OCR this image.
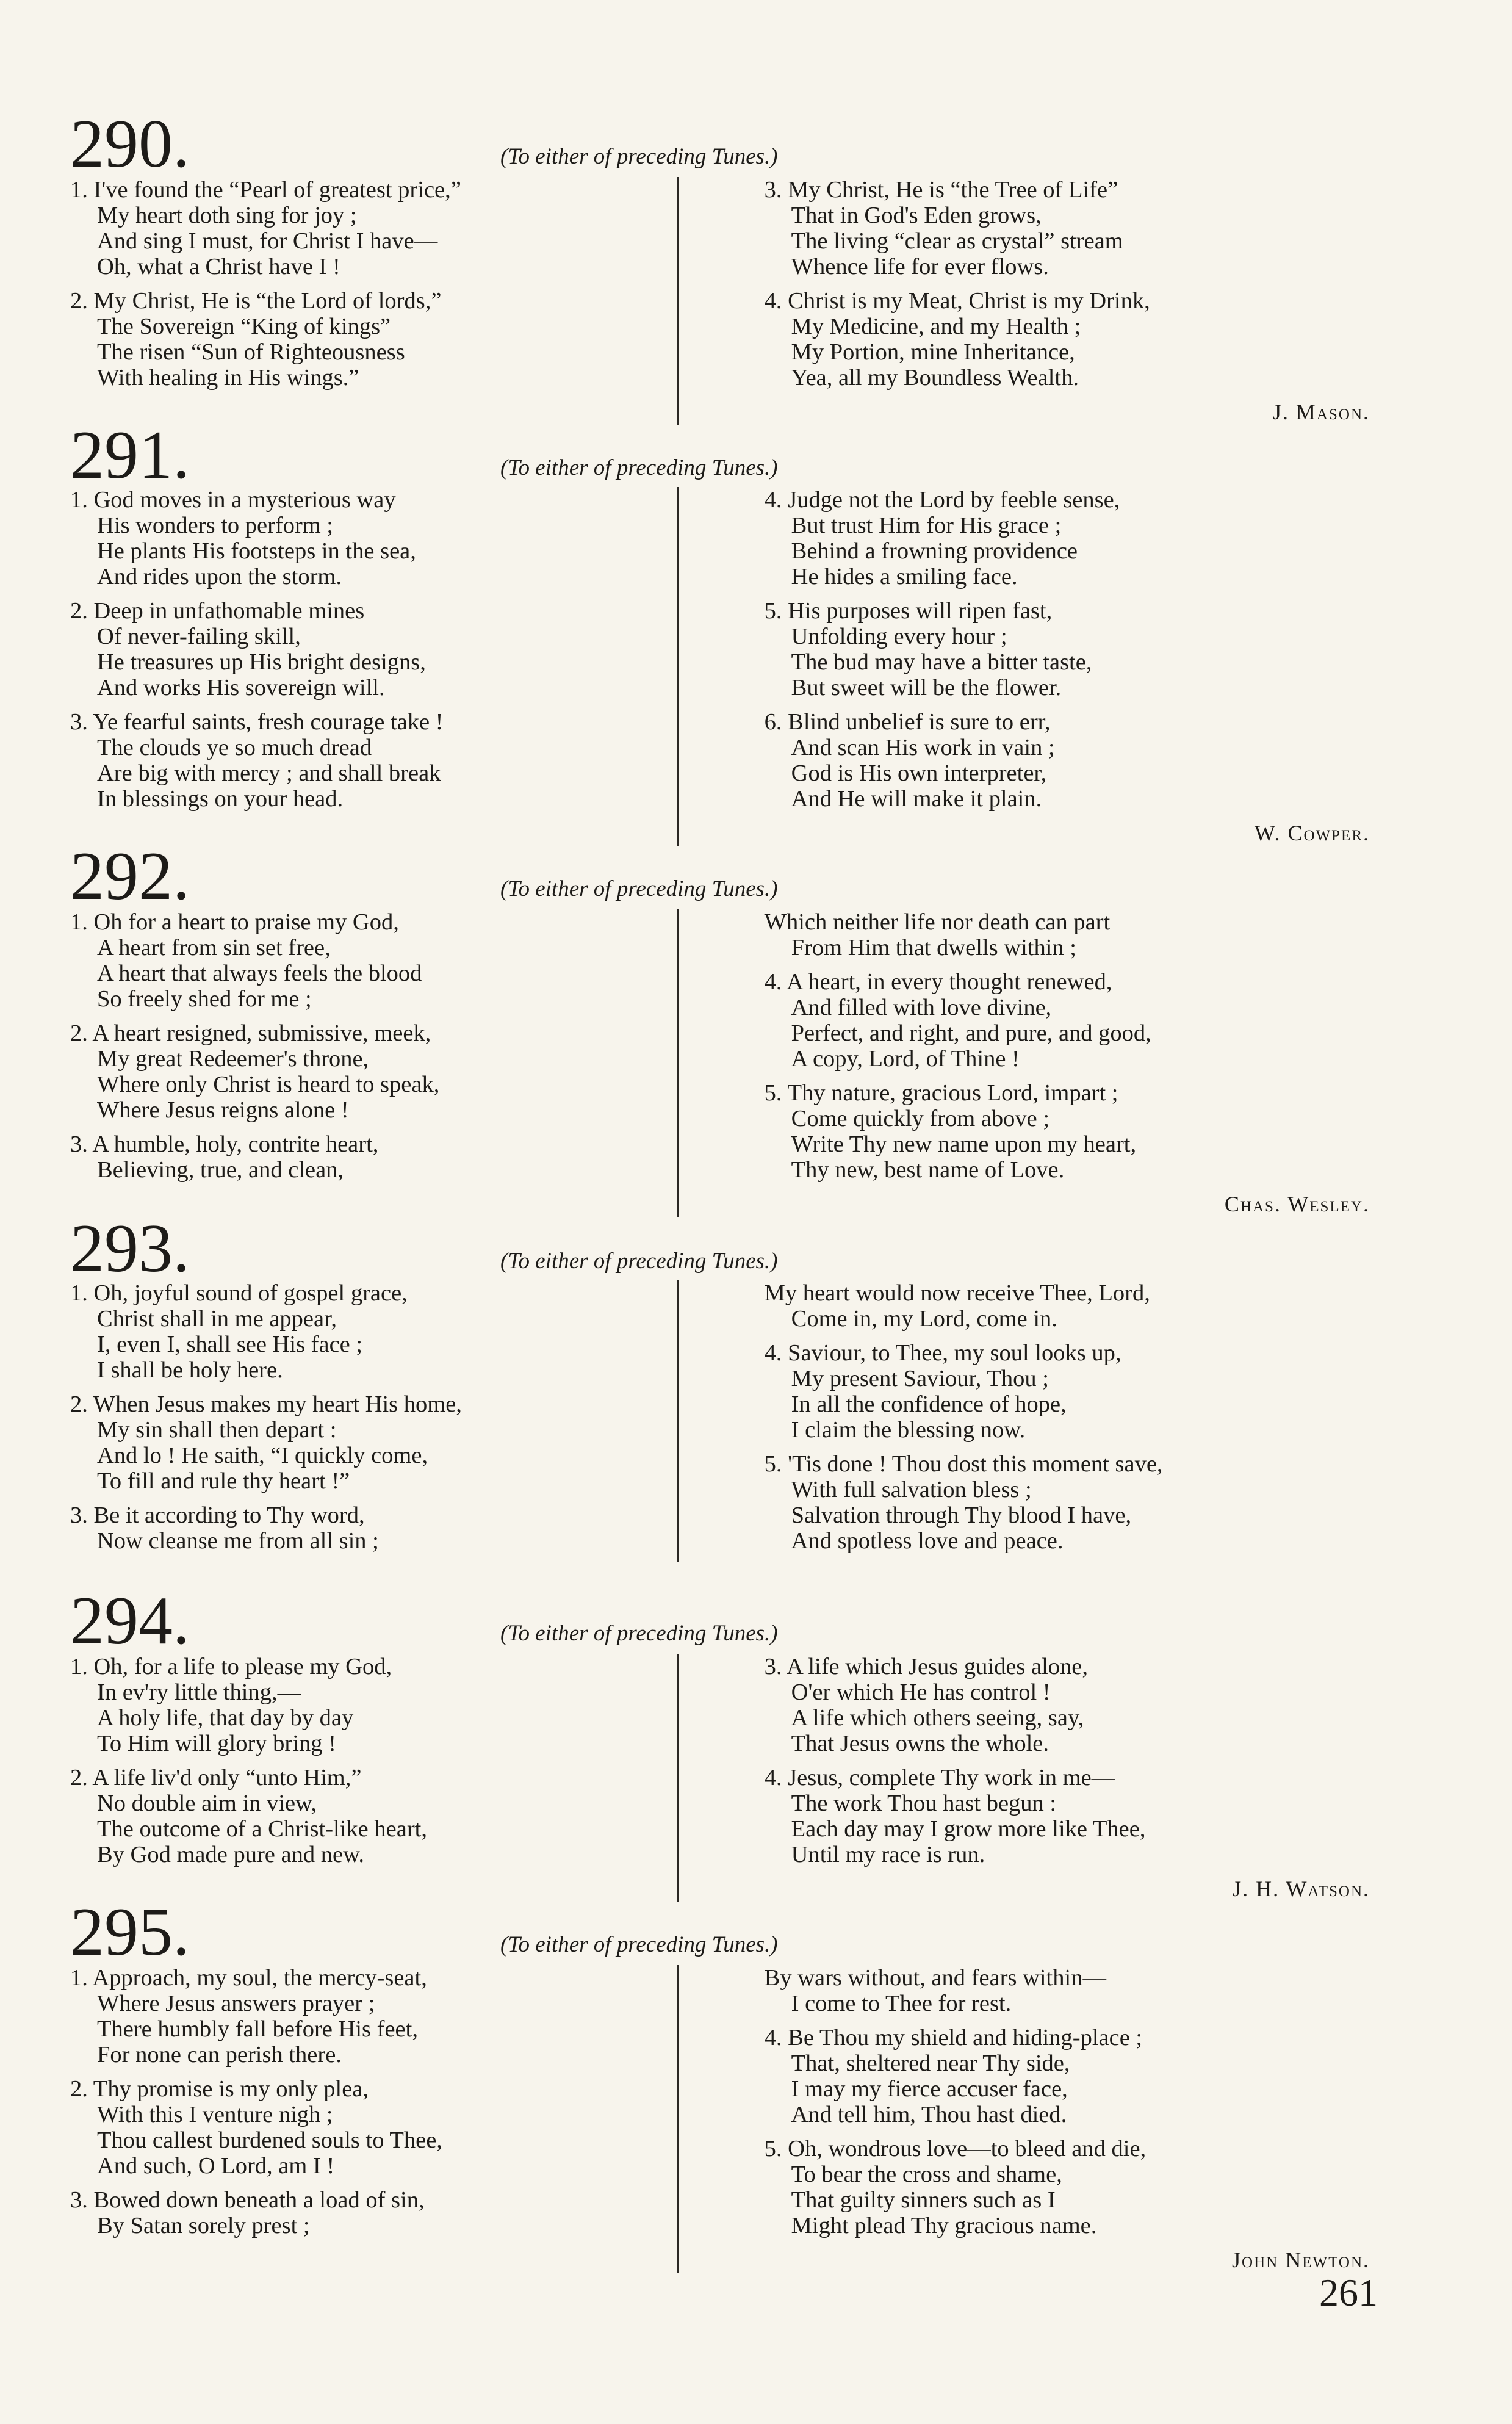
290.	(To either of preceding Tunes.)
1. I've found the “Pearl of greatest price,”
My heart doth sing for joy ;
And sing I must, for Christ I have—
Oh, what a Christ have I !
2. My Christ, He is “the Lord of lords,”
The Sovereign “King of kings”
The risen “Sun of Righteousness
With healing in His wings.”
3. My Christ, He is “the Tree of Life”
That in God's Eden grows,
The living “clear as crystal” stream
Whence life for ever flows.
4. Christ is my Meat, Christ is my Drink,
My Medicine, and my Health ;
My Portion, mine Inheritance,
Yea, all my Boundless Wealth.
J. Mason.
291.	(To either of preceding Tunes.)
1. God moves in a mysterious way
His wonders to perform ;
He plants His footsteps in the sea,
And rides upon the storm.
2. Deep in unfathomable mines
Of never-failing skill,
He treasures up His bright designs,
And works His sovereign will.
3. Ye fearful saints, fresh courage take !
The clouds ye so much dread
Are big with mercy ; and shall break
In blessings on your head.
4. Judge not the Lord by feeble sense,
But trust Him for His grace ;
Behind a frowning providence
He hides a smiling face.
5. His purposes will ripen fast,
Unfolding every hour ;
The bud may have a bitter taste,
But sweet will be the flower.
6. Blind unbelief is sure to err,
And scan His work in vain ;
God is His own interpreter,
And He will make it plain.
W. Cowper.
292.	(To either of preceding Tunes.)
1. Oh for a heart to praise my God,
A heart from sin set free,
A heart that always feels the blood
So freely shed for me ;
2. A heart resigned, submissive, meek,
My great Redeemer's throne,
Where only Christ is heard to speak,
Where Jesus reigns alone !
3. A humble, holy, contrite heart,
Believing, true, and clean,
Which neither life nor death can part
From Him that dwells within ;
4. A heart, in every thought renewed,
And filled with love divine,
Perfect, and right, and pure, and good,
A copy, Lord, of Thine !
5. Thy nature, gracious Lord, impart ;
Come quickly from above ;
Write Thy new name upon my heart,
Thy new, best name of Love.
Chas. Wesley.
293.	(To either of preceding Tunes.)
1. Oh, joyful sound of gospel grace,
Christ shall in me appear,
I, even I, shall see His face ;
I shall be holy here.
2. When Jesus makes my heart His home,
My sin shall then depart :
And lo ! He saith, “I quickly come,
To fill and rule thy heart !”
3. Be it according to Thy word,
Now cleanse me from all sin ;
My heart would now receive Thee, Lord,
Come in, my Lord, come in.
4. Saviour, to Thee, my soul looks up,
My present Saviour, Thou ;
In all the confidence of hope,
I claim the blessing now.
5. 'Tis done ! Thou dost this moment save,
With full salvation bless ;
Salvation through Thy blood I have,
And spotless love and peace.
294.	(To either of preceding Tunes.)
1. Oh, for a life to please my God,
In ev'ry little thing,—
A holy life, that day by day
To Him will glory bring !
2. A life liv'd only “unto Him,”
No double aim in view,
The outcome of a Christ-like heart,
By God made pure and new.
3. A life which Jesus guides alone,
O'er which He has control !
A life which others seeing, say,
That Jesus owns the whole.
4. Jesus, complete Thy work in me—
The work Thou hast begun :
Each day may I grow more like Thee,
Until my race is run.
J. H. Watson.
295.	(To either of preceding Tunes.)
1. Approach, my soul, the mercy-seat,
Where Jesus answers prayer ;
There humbly fall before His feet,
For none can perish there.
2. Thy promise is my only plea,
With this I venture nigh ;
Thou callest burdened souls to Thee,
And such, O Lord, am I !
3. Bowed down beneath a load of sin,
By Satan sorely prest ;
By wars without, and fears within—
I come to Thee for rest.
4. Be Thou my shield and hiding-place ;
That, sheltered near Thy side,
I may my fierce accuser face,
And tell him, Thou hast died.
5. Oh, wondrous love—to bleed and die,
To bear the cross and shame,
That guilty sinners such as I
Might plead Thy gracious name.
John Newton.
261
